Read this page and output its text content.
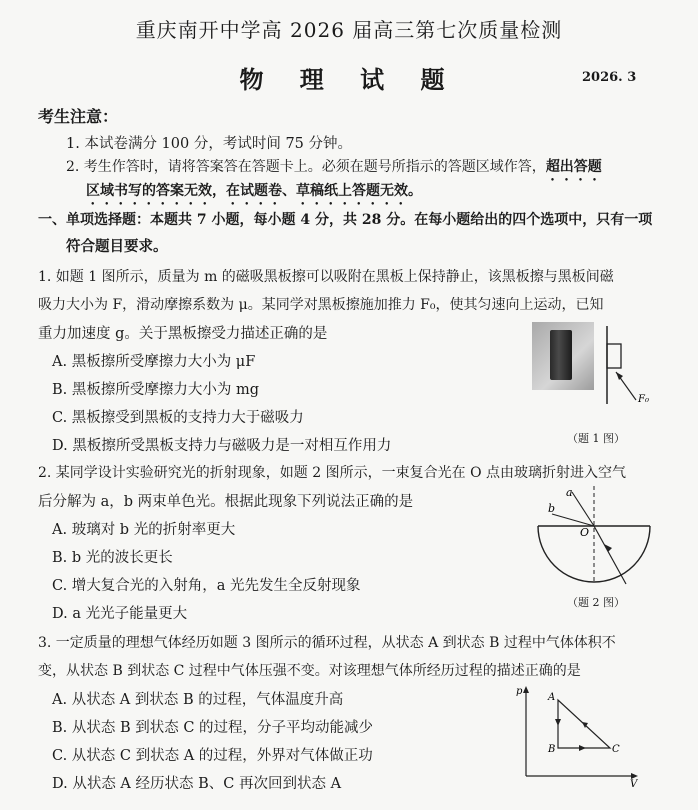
重庆南开中学高 2026 届高三第七次质量检测
物 理 试 题	2026. 3
考生注意：
1. 本试卷满分 100 分，考试时间 75 分钟。
2. 考生作答时，请将答案答在答题卡上。必须在题号所指示的答题区域作答，超出答题
区域书写的答案无效，在试题卷、草稿纸上答题无效。
一、单项选择题：本题共 7 小题，每小题 4 分，共 28 分。在每小题给出的四个选项中，只有一项
符合题目要求。
1. 如题 1 图所示，质量为 m 的磁吸黑板擦可以吸附在黑板上保持静止，该黑板擦与黑板间磁
吸力大小为 F，滑动摩擦系数为 μ。某同学对黑板擦施加推力 F₀，使其匀速向上运动，已知
重力加速度 g。关于黑板擦受力描述正确的是
A. 黑板擦所受摩擦力大小为 μF
B. 黑板擦所受摩擦力大小为 mg
C. 黑板擦受到黑板的支持力大于磁吸力
D. 黑板擦所受黑板支持力与磁吸力是一对相互作用力
F₀
（题 1 图）
2. 某同学设计实验研究光的折射现象，如题 2 图所示，一束复合光在 O 点由玻璃折射进入空气
后分解为 a，b 两束单色光。根据此现象下列说法正确的是
A. 玻璃对 b 光的折射率更大
B. b 光的波长更长
C. 增大复合光的入射角，a 光先发生全反射现象
D. a 光光子能量更大
a
b
O
（题 2 图）
3. 一定质量的理想气体经历如题 3 图所示的循环过程，从状态 A 到状态 B 过程中气体体积不
变，从状态 B 到状态 C 过程中气体压强不变。对该理想气体所经历过程的描述正确的是
A. 从状态 A 到状态 B 的过程，气体温度升高
B. 从状态 B 到状态 C 的过程，分子平均动能减少
C. 从状态 C 到状态 A 的过程，外界对气体做正功
D. 从状态 A 经历状态 B、C 再次回到状态 A
p
V
A
B	C
